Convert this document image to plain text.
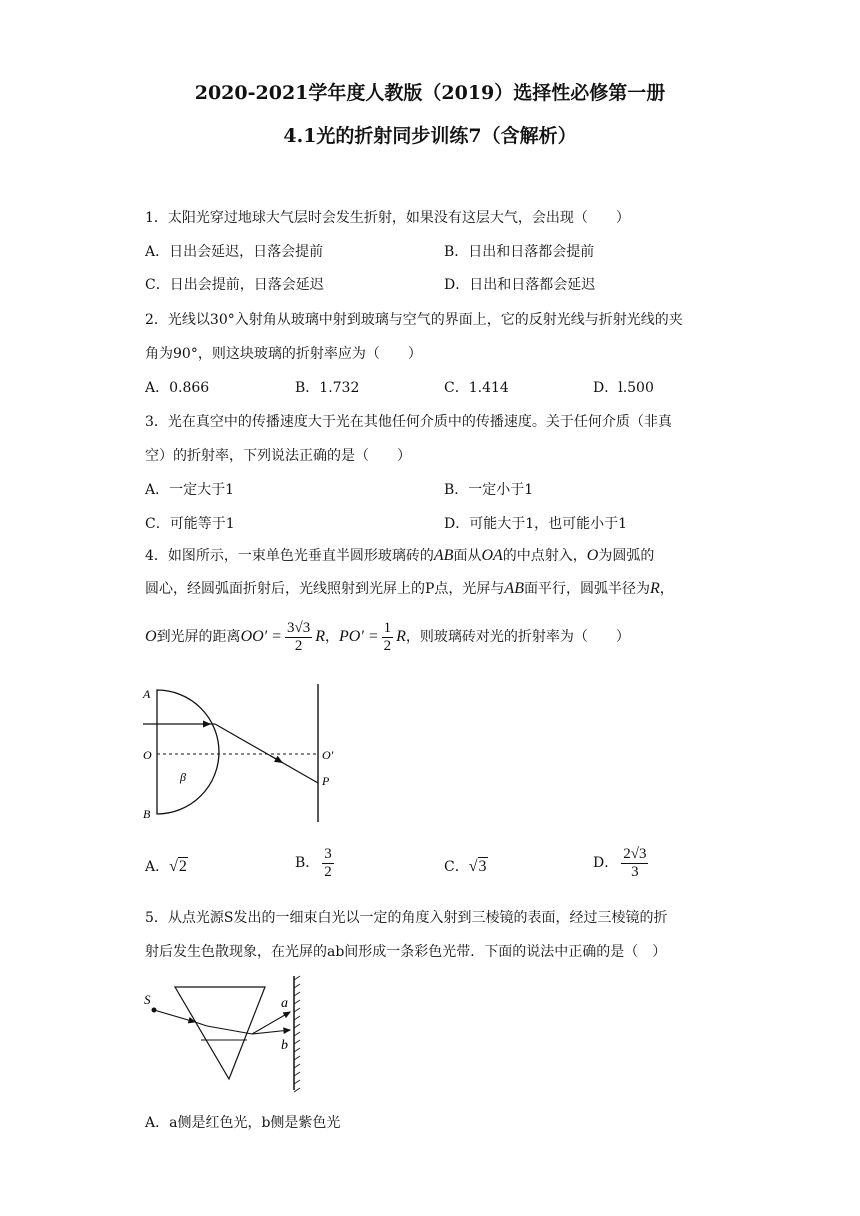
2020-2021学年度人教版（2019）选择性必修第一册
4.1光的折射同步训练7（含解析）
1．太阳光穿过地球大气层时会发生折射，如果没有这层大气，会出现（　　）
A．日出会延迟，日落会提前	B．日出和日落都会提前
C．日出会提前，日落会延迟	D．日出和日落都会延迟
2．光线以30°入射角从玻璃中射到玻璃与空气的界面上，它的反射光线与折射光线的夹
角为90°，则这块玻璃的折射率应为（　　）
A．0.866	B．1.732	C．1.414	D．l.500
3．光在真空中的传播速度大于光在其他任何介质中的传播速度。关于任何介质（非真
空）的折射率，下列说法正确的是（　　）
A．一定大于1	B．一定小于1
C．可能等于1	D．可能大于1，也可能小于1
4．如图所示，一束单色光垂直半圆形玻璃砖的AB面从OA的中点射入，O为圆弧的
圆心，经圆弧面折射后，光线照射到光屏上的P点，光屏与AB面平行，圆弧半径为R，
O到光屏的距离$OO' = \frac{3√3}{2}$ R，$PO' = \frac{1}{2}$ R，则玻璃砖对光的折射率为（　　）
A
O
B
β
O′
P
A．√2	B． $\frac{3}{2}$	C．√3	D． $\frac{2√3}{3}$
5．从点光源S发出的一细束白光以一定的角度入射到三棱镜的表面，经过三棱镜的折
射后发生色散现象，在光屏的ab间形成一条彩色光带．下面的说法中正确的是（　）
S	a
b
A．a侧是红色光，b侧是紫色光
